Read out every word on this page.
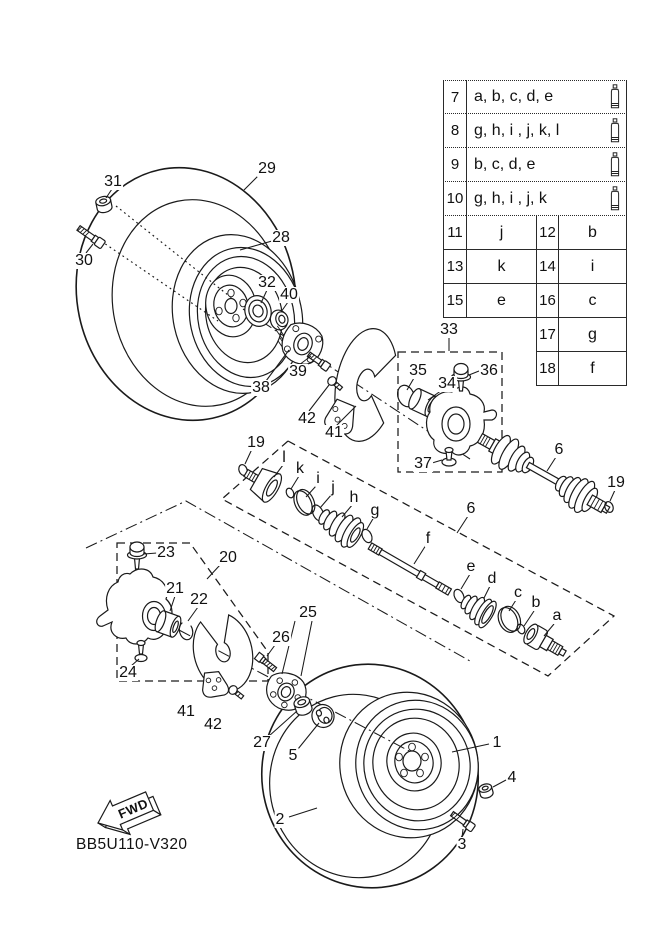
FWD
7 a, b, c, d, e
8 g, h, i , j, k, l
9 b, c, d, e
10 g, h, i , j, k
11	j	12	b
13	k	14	i
15	e	16	c
17	g
18	f
29
31
30
28
32
40
38
39
42
41
35
34
36
33
37
6
19
19
6
20
23
21
22
24
26
25
41
42
27
5
1
4
3
2
l
k
i
j
h
g
f
e
d
c
b
a
BB5U110-V320
